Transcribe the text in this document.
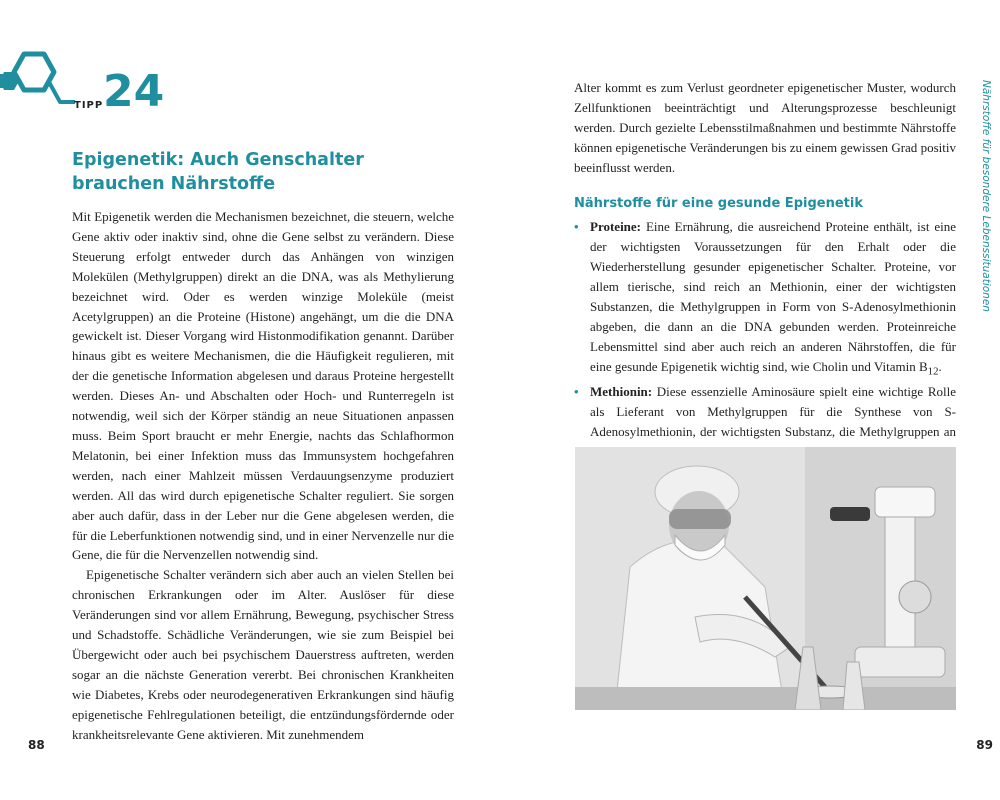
TIPP 24
Epigenetik: Auch Genschalter
brauchen Nährstoffe

Mit Epigenetik werden die Mechanismen bezeichnet, die steuern, welche Gene aktiv oder inaktiv sind, ohne die Gene selbst zu verändern. Diese Steuerung erfolgt entweder durch das Anhängen von winzigen Molekülen (Methylgruppen) direkt an die DNA, was als Methylierung bezeichnet wird. Oder es werden winzige Moleküle (meist Acetylgruppen) an die Proteine (Histone) angehängt, um die die DNA gewickelt ist. Dieser Vorgang wird Histonmodifikation genannt. Darüber hinaus gibt es weitere Mechanismen, die die Häufigkeit regulieren, mit der die genetische Information abgelesen und daraus Proteine hergestellt werden. Dieses An- und Abschalten oder Hoch- und Runterregeln ist notwendig, weil sich der Körper ständig an neue Situationen anpassen muss. Beim Sport braucht er mehr Energie, nachts das Schlafhormon Melatonin, bei einer Infektion muss das Immunsystem hochgefahren werden, nach einer Mahlzeit müssen Verdauungsenzyme produziert werden. All das wird durch epigenetische Schalter reguliert. Sie sorgen aber auch dafür, dass in der Leber nur die Gene abgelesen werden, die für die Leberfunktionen notwendig sind, und in einer Nervenzelle nur die Gene, die für die Nervenzellen notwendig sind.

Epigenetische Schalter verändern sich aber auch an vielen Stellen bei chronischen Erkrankungen oder im Alter. Auslöser für diese Veränderungen sind vor allem Ernährung, Bewegung, psychischer Stress und Schadstoffe. Schädliche Veränderungen, wie sie zum Beispiel bei Übergewicht oder auch bei psychischem Dauerstress auftreten, werden sogar an die nächste Generation vererbt. Bei chronischen Krankheiten wie Diabetes, Krebs oder neurodegenerativen Erkrankungen sind häufig epigenetische Fehlregulationen beteiligt, die entzündungsfördernde oder krankheitsrelevante Gene aktivieren. Mit zunehmendem

88

Alter kommt es zum Verlust geordneter epigenetischer Muster, wodurch Zellfunktionen beeinträchtigt und Alterungsprozesse beschleunigt werden. Durch gezielte Lebensstilmaßnahmen und bestimmte Nährstoffe können epigenetische Veränderungen bis zu einem gewissen Grad positiv beeinflusst werden.

Nährstoffe für eine gesunde Epigenetik
• Proteine: Eine Ernährung, die ausreichend Proteine enthält, ist eine der wichtigsten Voraussetzungen für den Erhalt oder die Wiederherstellung gesunder epigenetischer Schalter. Proteine, vor allem tierische, sind reich an Methionin, einer der wichtigsten Substanzen, die Methylgruppen in Form von S-Adenosylmethionin abgeben, die dann an die DNA gebunden werden. Proteinreiche Lebensmittel sind aber auch reich an anderen Nährstoffen, die für eine gesunde Epigenetik wichtig sind, wie Cholin und Vitamin $B_{12}$.
• Methionin: Diese essenzielle Aminosäure spielt eine wichtige Rolle als Lieferant von Methylgruppen für die Synthese von S-Adenosylmethionin, der wichtigsten Substanz, die Methylgruppen an
Nährstoffe für besondere Lebenssituationen
89
